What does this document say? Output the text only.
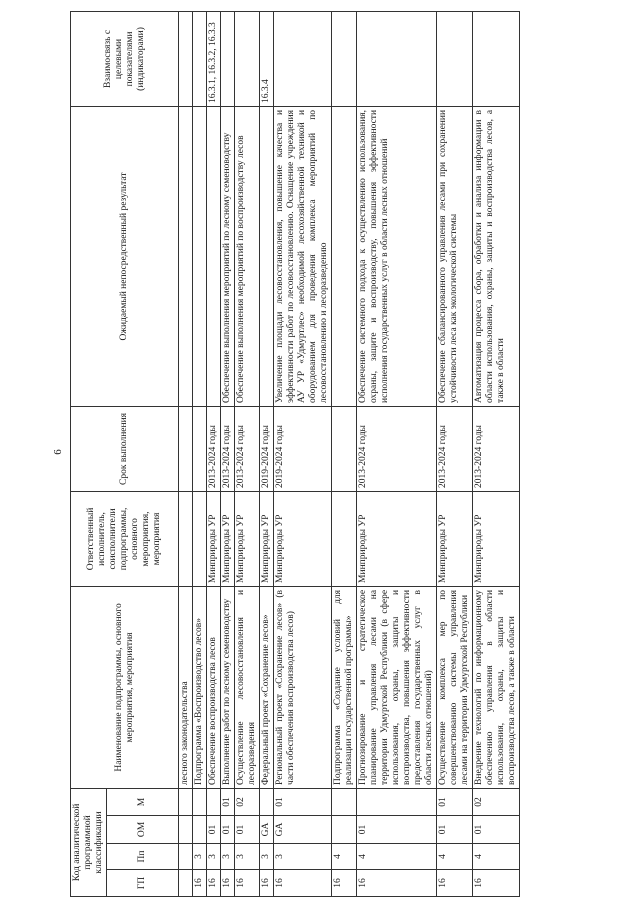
6
Код аналитической программной классификации				Наименование подпрограммы, основного мероприятия, мероприятия	Ответственный исполнитель, соисполнители подпрограммы, основного мероприятия, мероприятия	Срок выполнения	Ожидаемый непосредственный результат	Взаимосвязь с целевыми показателями (индикаторами)
ГП	Пп	ОМ	М					
				лесного законодательства				
16	3			Подпрограмма «Воспроизводство лесов»				
16	3	01		Обеспечение воспроизводства лесов	Минприроды УР	2013-2024 годы		16.3.1, 16.3.2, 16.3.3
16	3	01	01	Выполнение работ по лесному семеноводству	Минприроды УР	2013-2024 годы	Обеспечение выполнения мероприятий по лесному семеноводству	
16	3	01	02	Осуществление лесовосстановления и лесоразведения	Минприроды УР	2013-2024 годы	Обеспечение выполнения мероприятий по воспроизводству лесов	
16	3	GA		Федеральный проект «Сохранение лесов»	Минприроды УР	2019-2024 годы		16.3.4
16	3	GA	01	Региональный проект «Сохранение лесов» (в части обеспечения воспроизводства лесов)	Минприроды УР	2019-2024 годы	Увеличение площади лесовосстановления, повышение качества и эффективности работ по лесовосстановлению. Оснащение учреждения АУ УР «Удмуртлес» необходимой лесохозяйственной техникой и оборудованием для проведения комплекса мероприятий по лесовосстановлению и лесоразведению	
16	4			Подпрограмма «Создание условий для реализации государственной программы»				
16	4	01		Прогнозирование и стратегическое планирование управления лесами на территории Удмуртской Республики (в сфере использования, охраны, защиты и воспроизводства, повышения эффективности предоставления государственных услуг в области лесных отношений)	Минприроды УР	2013-2024 годы	Обеспечение системного подхода к осуществлению использования, охраны, защите и воспроизводству, повышения эффективности исполнения государственных услуг в области лесных отношений	
16	4	01	01	Осуществление комплекса мер по совершенствованию системы управления лесами на территории Удмуртской Республики	Минприроды УР	2013-2024 годы	Обеспечение сбалансированного управления лесами при сохранении устойчивости леса как экологической системы	
16	4	01	02	Внедрение технологий по информационному обеспечению управления в области использования, охраны, защиты и воспроизводства лесов, а также в области	Минприроды УР	2013-2024 годы	Автоматизация процесса сбора, обработки и анализа информации в области использования, охраны, защиты и воспроизводства лесов, а также в области	
